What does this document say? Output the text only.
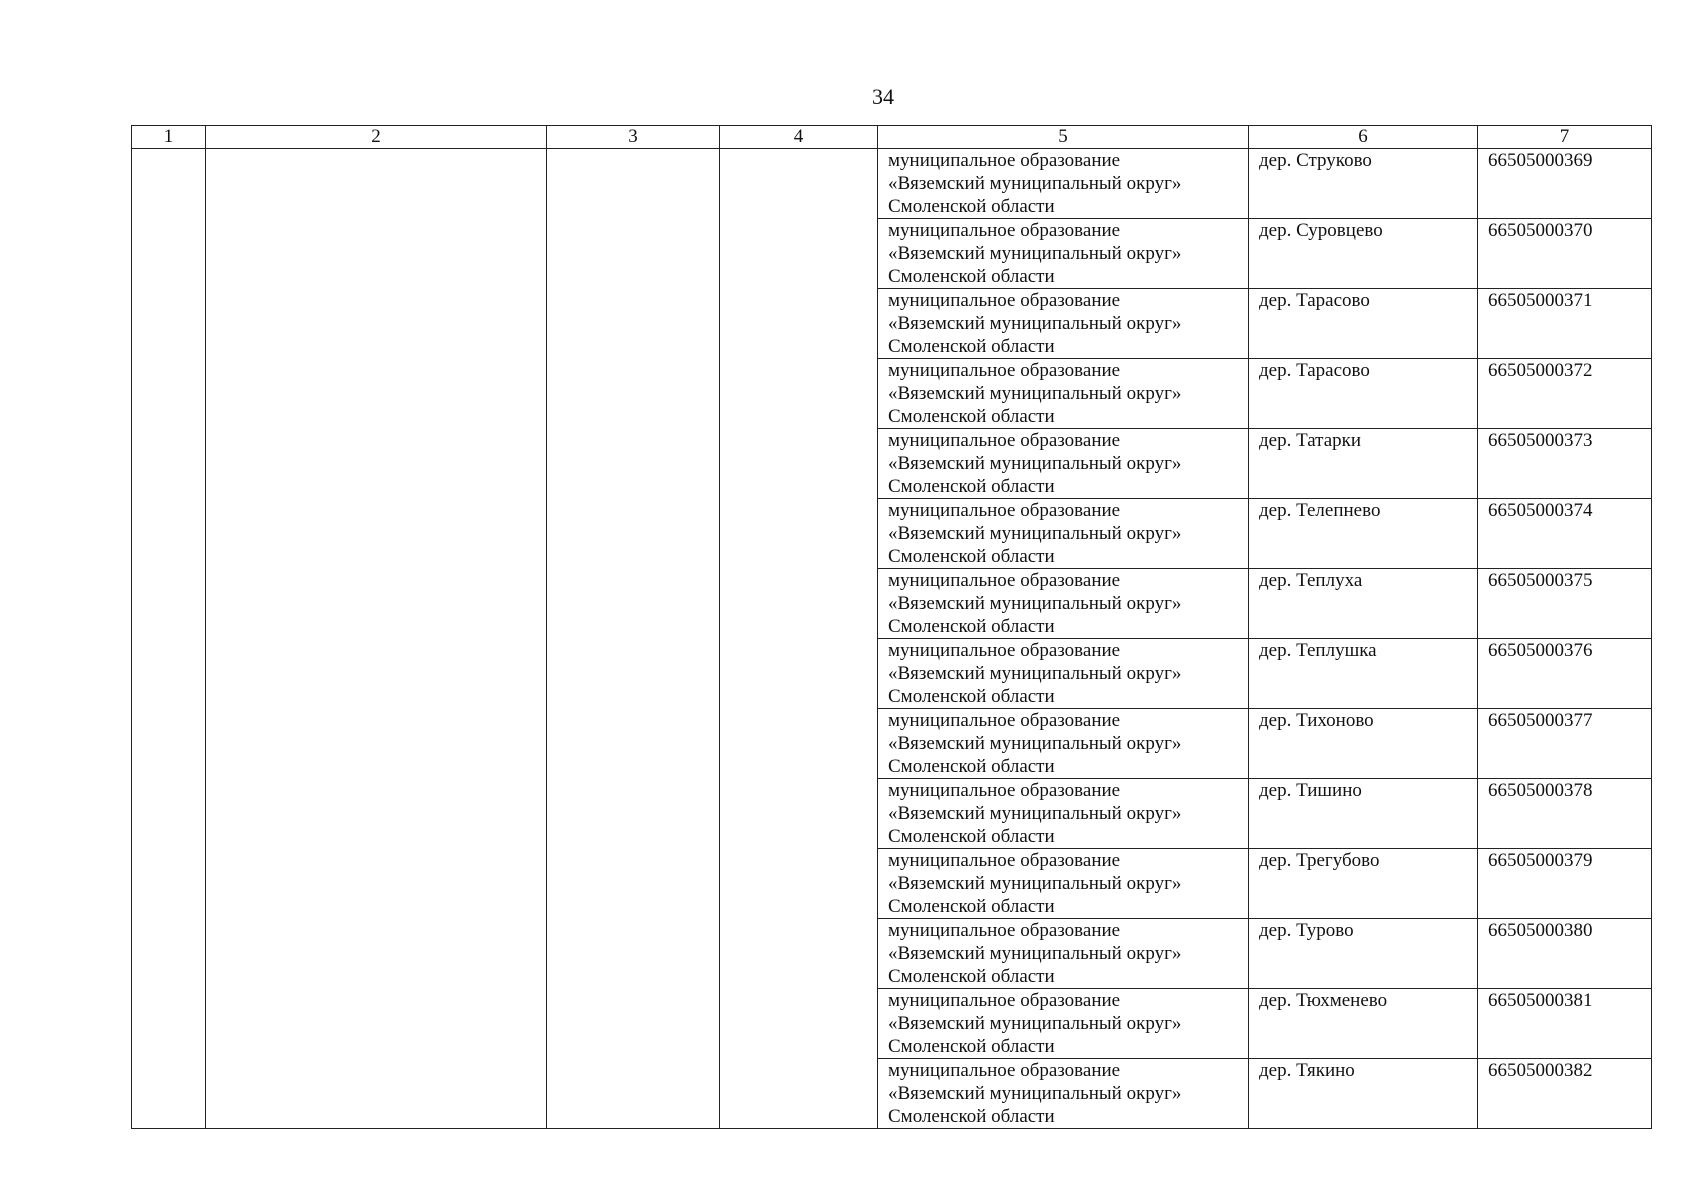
34
1	2	3	4	5	6	7

				муниципальное образование
«Вяземский муниципальный округ»
Смоленской области	дер. Струково	66505000369

				муниципальное образование
«Вяземский муниципальный округ»
Смоленской области	дер. Суровцево	66505000370

				муниципальное образование
«Вяземский муниципальный округ»
Смоленской области	дер. Тарасово	66505000371

				муниципальное образование
«Вяземский муниципальный округ»
Смоленской области	дер. Тарасово	66505000372

				муниципальное образование
«Вяземский муниципальный округ»
Смоленской области	дер. Татарки	66505000373

				муниципальное образование
«Вяземский муниципальный округ»
Смоленской области	дер. Телепнево	66505000374

				муниципальное образование
«Вяземский муниципальный округ»
Смоленской области	дер. Теплуха	66505000375

				муниципальное образование
«Вяземский муниципальный округ»
Смоленской области	дер. Теплушка	66505000376

				муниципальное образование
«Вяземский муниципальный округ»
Смоленской области	дер. Тихоново	66505000377

				муниципальное образование
«Вяземский муниципальный округ»
Смоленской области	дер. Тишино	66505000378

				муниципальное образование
«Вяземский муниципальный округ»
Смоленской области	дер. Трегубово	66505000379

				муниципальное образование
«Вяземский муниципальный округ»
Смоленской области	дер. Турово	66505000380

				муниципальное образование
«Вяземский муниципальный округ»
Смоленской области	дер. Тюхменево	66505000381

				муниципальное образование
«Вяземский муниципальный округ»
Смоленской области	дер. Тякино	66505000382
